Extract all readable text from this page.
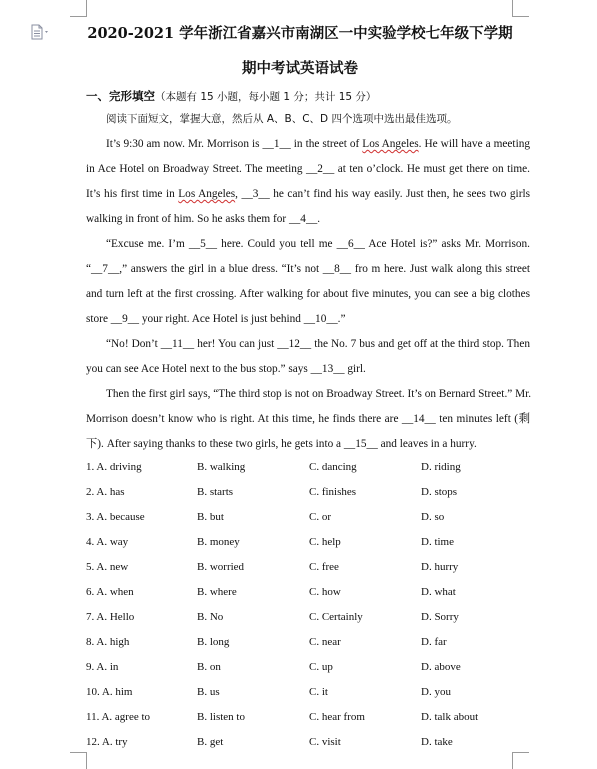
2020-2021 学年浙江省嘉兴市南湖区一中实验学校七年级下学期
期中考试英语试卷
一、完形填空（本题有 15 小题，每小题 1 分；共计 15 分）
阅读下面短文，掌握大意，然后从 A、B、C、D 四个选项中选出最佳选项。
It’s 9:30 am now. Mr. Morrison is __1__ in the street of Los Angeles. He will have a meeting
in Ace Hotel on Broadway Street. The meeting __2__ at ten o’clock. He must get there on time.
It’s his first time in Los Angeles, __3__ he can’t find his way easily. Just then, he sees two girls
walking in front of him. So he asks them for __4__.
“Excuse me. I’m __5__ here. Could you tell me __6__ Ace Hotel is?” asks Mr. Morrison.
“__7__,” answers the girl in a blue dress. “It’s not __8__ fro m here. Just walk along this street
and turn left at the first crossing. After walking for about five minutes, you can see a big clothes
store __9__ your right. Ace Hotel is just behind __10__.”
“No! Don’t __11__ her! You can just __12__ the No. 7 bus and get off at the third stop. Then
you can see Ace Hotel next to the bus stop.” says __13__ girl.
Then the first girl says, “The third stop is not on Broadway Street. It’s on Bernard Street.” Mr.
Morrison doesn’t know who is right. At this time, he finds there are __14__ ten minutes left (剩
下). After saying thanks to these two girls, he gets into a __15__ and leaves in a hurry.
1. A. driving	B. walking	C. dancing	D. riding
2. A. has	B. starts	C. finishes	D. stops
3. A. because	B. but	C. or	D. so
4. A. way	B. money	C. help	D. time
5. A. new	B. worried	C. free	D. hurry
6. A. when	B. where	C. how	D. what
7. A. Hello	B. No	C. Certainly	D. Sorry
8. A. high	B. long	C. near	D. far
9. A. in	B. on	C. up	D. above
10. A. him	B. us	C. it	D. you
11. A. agree to	B. listen to	C. hear from	D. talk about
12. A. try	B. get	C. visit	D. take
